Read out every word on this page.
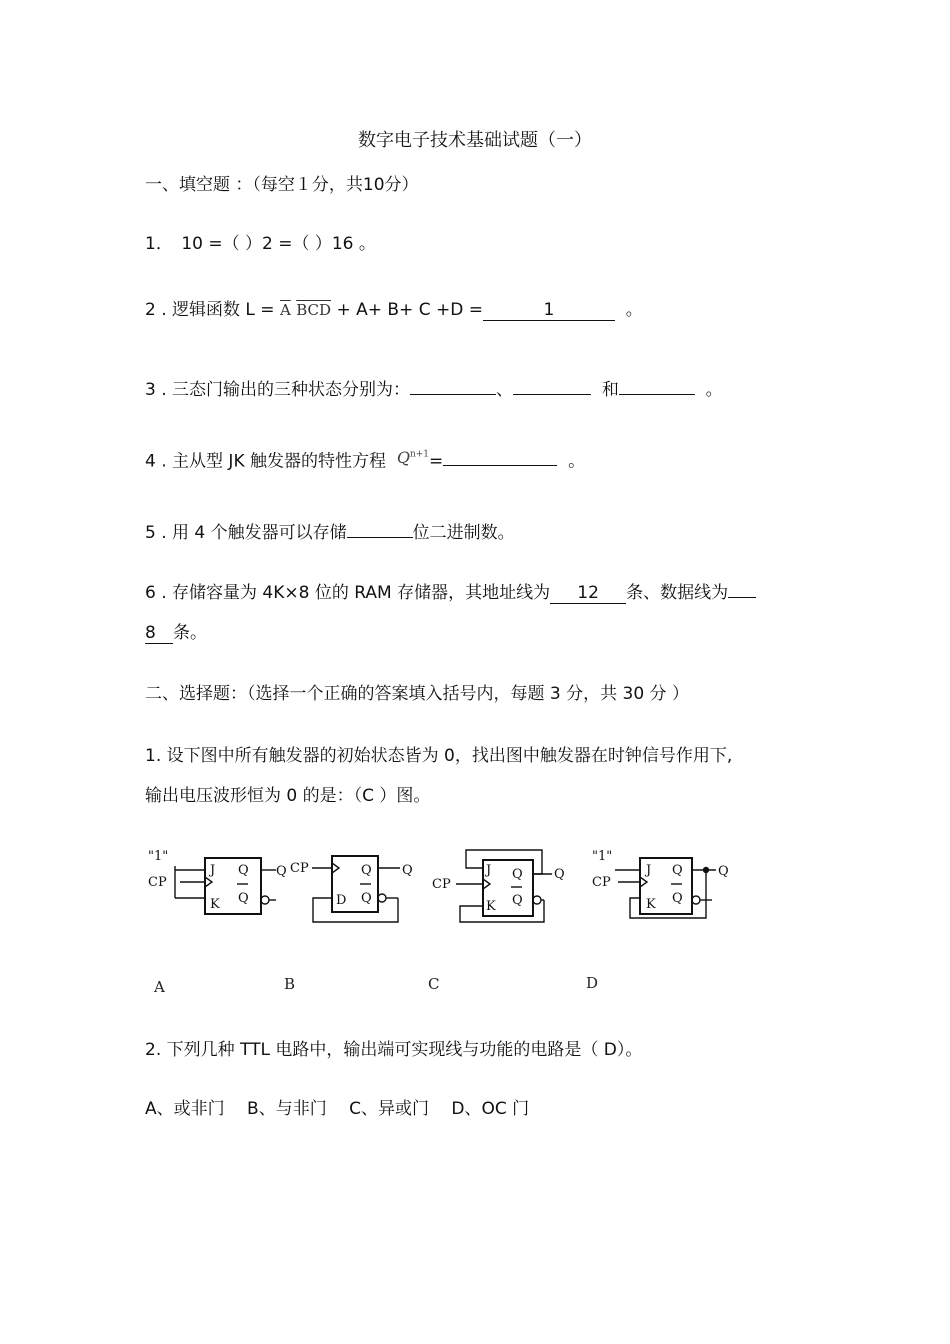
数字电子技术基础试题（一）
一、填空题 ：（每空１分，共10分）
1．　10 =（ ）2 =（ ）16 。
2 . 逻辑函数 $L = \overline{A}$ $\overline{B}\overline{C}\overline{D} + A+ B+ C +D$ =	1	。
3 . 三态门输出的三种状态分别为：	、	和	。
4 . 主从型 JK 触发器的特性方程 $Q^{n+1}=$	。
5 . 用 4 个触发器可以存储	位二进制数。
6 . 存储容量为 4K×8 位的 RAM 存储器，其地址线为 12 条、数据线为
8 条。
二、选择题：（选择一个正确的答案填入括号内，每题 3 分，共 30 分 ）
1. 设下图中所有触发器的初始状态皆为 0，找出图中触发器在时钟信号作用下,
输出电压波形恒为 0 的是：（C ）图。
"1"
CP
J
K
Q
Q
Q CP
D
Q
Q
Q
CP
J
K
Q
Q
Q
"1"
CP
J
K
Q
Q
Q
A	B	C	D
2. 下列几种 TTL 电路中，输出端可实现线与功能的电路是（ D）。
A、或非门　 B、与非门　 C、异或门　 D、OC 门
